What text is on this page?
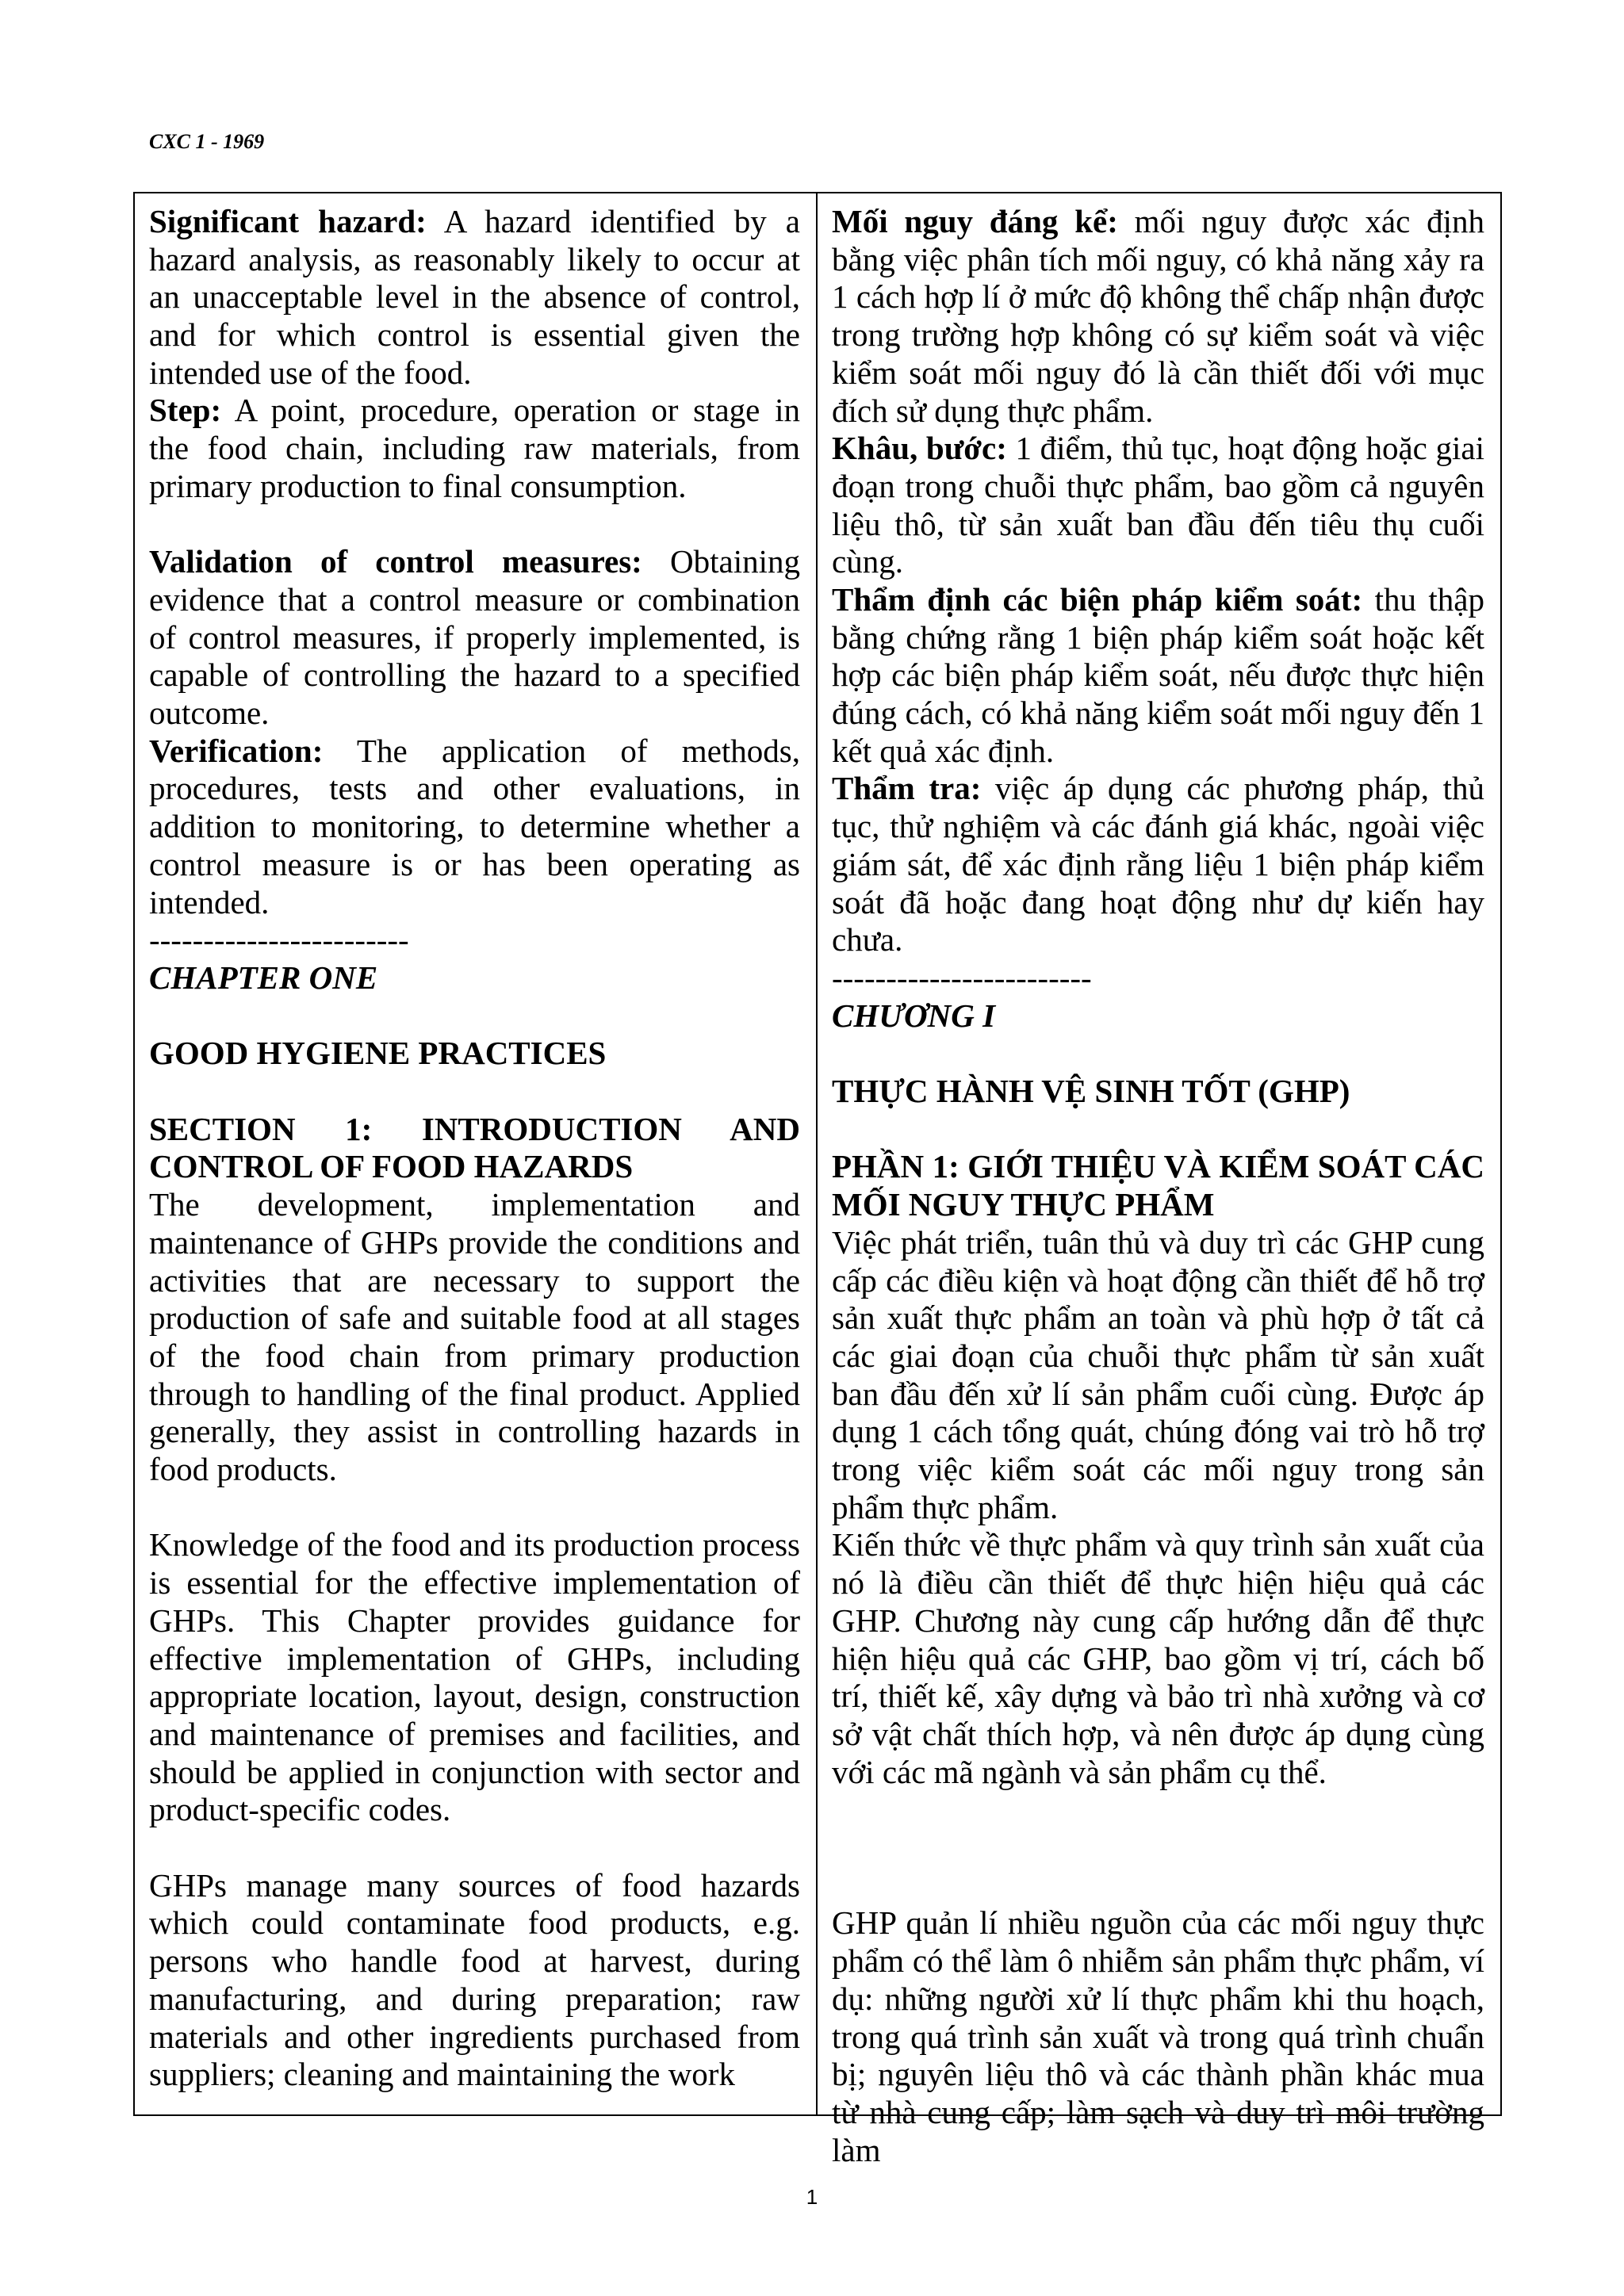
CXC 1 - 1969

Significant hazard: A hazard identified by a hazard analysis, as reasonably likely to occur at an unacceptable level in the absence of control, and for which control is essential given the intended use of the food.

Step: A point, procedure, operation or stage in the food chain, including raw materials, from primary production to final consumption.

Validation of control measures: Obtaining evidence that a control measure or combination of control measures, if properly implemented, is capable of controlling the hazard to a specified outcome.

Verification: The application of methods, procedures, tests and other evaluations, in addition to monitoring, to determine whether a control measure is or has been operating as intended.

------------------------

CHAPTER ONE

GOOD HYGIENE PRACTICES

SECTION 1: INTRODUCTION AND CONTROL OF FOOD HAZARDS

The development, implementation and maintenance of GHPs provide the conditions and activities that are necessary to support the production of safe and suitable food at all stages of the food chain from primary production through to handling of the final product. Applied generally, they assist in controlling hazards in food products.

Knowledge of the food and its production process is essential for the effective implementation of GHPs. This Chapter provides guidance for effective implementation of GHPs, including appropriate location, layout, design, construction and maintenance of premises and facilities, and should be applied in conjunction with sector and product-specific codes.

GHPs manage many sources of food hazards which could contaminate food products, e.g. persons who handle food at harvest, during manufacturing, and during preparation; raw materials and other ingredients purchased from suppliers; cleaning and maintaining the work

Mối nguy đáng kể: mối nguy được xác định bằng việc phân tích mối nguy, có khả năng xảy ra 1 cách hợp lí ở mức độ không thể chấp nhận được trong trường hợp không có sự kiểm soát và việc kiểm soát mối nguy đó là cần thiết đối với mục đích sử dụng thực phẩm.

Khâu, bước: 1 điểm, thủ tục, hoạt động hoặc giai đoạn trong chuỗi thực phẩm, bao gồm cả nguyên liệu thô, từ sản xuất ban đầu đến tiêu thụ cuối cùng.

Thẩm định các biện pháp kiểm soát: thu thập bằng chứng rằng 1 biện pháp kiểm soát hoặc kết hợp các biện pháp kiểm soát, nếu được thực hiện đúng cách, có khả năng kiểm soát mối nguy đến 1 kết quả xác định.

Thẩm tra: việc áp dụng các phương pháp, thủ tục, thử nghiệm và các đánh giá khác, ngoài việc giám sát, để xác định rằng liệu 1 biện pháp kiểm soát đã hoặc đang hoạt động như dự kiến hay chưa.

------------------------

CHƯƠNG I

THỰC HÀNH VỆ SINH TỐT (GHP)

PHẦN 1: GIỚI THIỆU VÀ KIỂM SOÁT CÁC MỐI NGUY THỰC PHẨM

Việc phát triển, tuân thủ và duy trì các GHP cung cấp các điều kiện và hoạt động cần thiết để hỗ trợ sản xuất thực phẩm an toàn và phù hợp ở tất cả các giai đoạn của chuỗi thực phẩm từ sản xuất ban đầu đến xử lí sản phẩm cuối cùng. Được áp dụng 1 cách tổng quát, chúng đóng vai trò hỗ trợ trong việc kiểm soát các mối nguy trong sản phẩm thực phẩm.

Kiến thức về thực phẩm và quy trình sản xuất của nó là điều cần thiết để thực hiện hiệu quả các GHP. Chương này cung cấp hướng dẫn để thực hiện hiệu quả các GHP, bao gồm vị trí, cách bố trí, thiết kế, xây dựng và bảo trì nhà xưởng và cơ sở vật chất thích hợp, và nên được áp dụng cùng với các mã ngành và sản phẩm cụ thể.

GHP quản lí nhiều nguồn của các mối nguy thực phẩm có thể làm ô nhiễm sản phẩm thực phẩm, ví dụ: những người xử lí thực phẩm khi thu hoạch, trong quá trình sản xuất và trong quá trình chuẩn bị; nguyên liệu thô và các thành phần khác mua từ nhà cung cấp; làm sạch và duy trì môi trường làm

1
